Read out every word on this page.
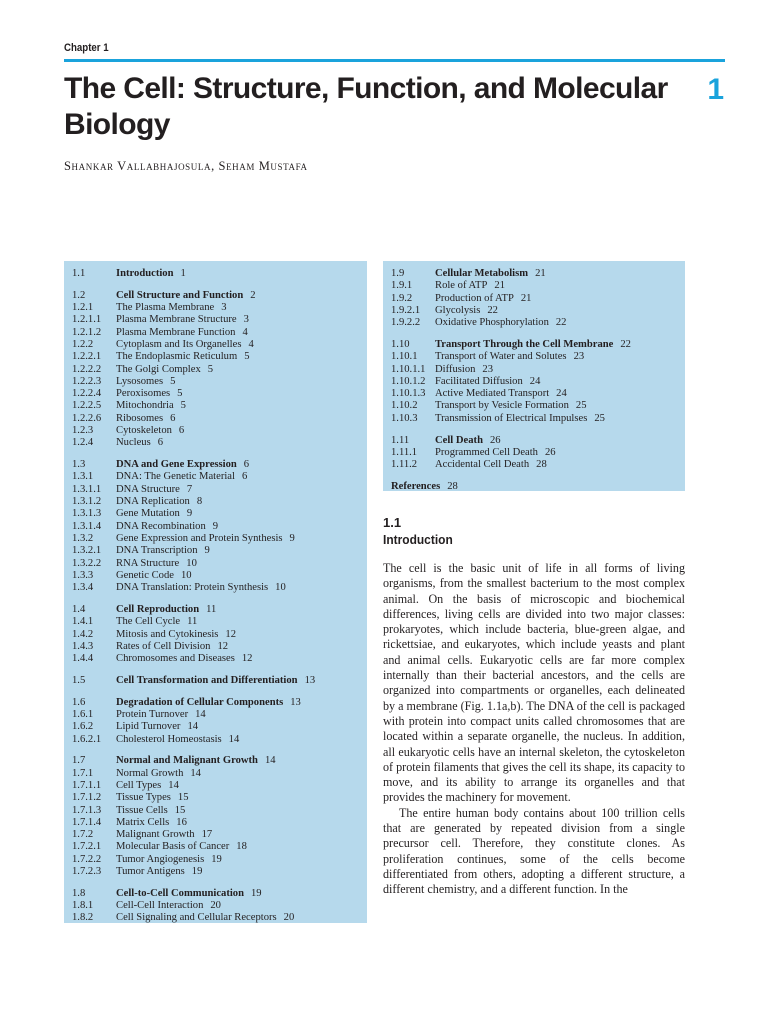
Chapter 1
The Cell: Structure, Function, and Molecular Biology
1
Shankar Vallabhajosula, Seham Mustafa
1.1	Introduction 1
1.2	Cell Structure and Function 2
1.2.1	The Plasma Membrane 3
1.2.1.1	Plasma Membrane Structure 3
1.2.1.2	Plasma Membrane Function 4
1.2.2	Cytoplasm and Its Organelles 4
1.2.2.1	The Endoplasmic Reticulum 5
1.2.2.2	The Golgi Complex 5
1.2.2.3	Lysosomes 5
1.2.2.4	Peroxisomes 5
1.2.2.5	Mitochondria 5
1.2.2.6	Ribosomes 6
1.2.3	Cytoskeleton 6
1.2.4	Nucleus 6
1.3	DNA and Gene Expression 6
1.3.1	DNA: The Genetic Material 6
1.3.1.1	DNA Structure 7
1.3.1.2	DNA Replication 8
1.3.1.3	Gene Mutation 9
1.3.1.4	DNA Recombination 9
1.3.2	Gene Expression and Protein Synthesis 9
1.3.2.1	DNA Transcription 9
1.3.2.2	RNA Structure 10
1.3.3	Genetic Code 10
1.3.4	DNA Translation: Protein Synthesis 10
1.4	Cell Reproduction 11
1.4.1	The Cell Cycle 11
1.4.2	Mitosis and Cytokinesis 12
1.4.3	Rates of Cell Division 12
1.4.4	Chromosomes and Diseases 12
1.5	Cell Transformation and Differentiation 13
1.6	Degradation of Cellular Components 13
1.6.1	Protein Turnover 14
1.6.2	Lipid Turnover 14
1.6.2.1	Cholesterol Homeostasis 14
1.7	Normal and Malignant Growth 14
1.7.1	Normal Growth 14
1.7.1.1	Cell Types 14
1.7.1.2	Tissue Types 15
1.7.1.3	Tissue Cells 15
1.7.1.4	Matrix Cells 16
1.7.2	Malignant Growth 17
1.7.2.1	Molecular Basis of Cancer 18
1.7.2.2	Tumor Angiogenesis 19
1.7.2.3	Tumor Antigens 19
1.8	Cell-to-Cell Communication 19
1.8.1	Cell-Cell Interaction 20
1.8.2	Cell Signaling and Cellular Receptors 20
1.9	Cellular Metabolism 21
1.9.1	Role of ATP 21
1.9.2	Production of ATP 21
1.9.2.1	Glycolysis 22
1.9.2.2	Oxidative Phosphorylation 22
1.10	Transport Through the Cell Membrane 22
1.10.1	Transport of Water and Solutes 23
1.10.1.1 Diffusion 23
1.10.1.2 Facilitated Diffusion 24
1.10.1.3 Active Mediated Transport 24
1.10.2	Transport by Vesicle Formation 25
1.10.3	Transmission of Electrical Impulses 25
1.11	Cell Death 26
1.11.1	Programmed Cell Death 26
1.11.2	Accidental Cell Death 28
References 28
1.1
Introduction

The cell is the basic unit of life in all forms of living organisms, from the smallest bacterium to the most complex animal. On the basis of microscopic and biochemical differences, living cells are divided into two major classes: prokaryotes, which include bacteria, blue-green algae, and rickettsiae, and eukaryotes, which include yeasts and plant and animal cells. Eukaryotic cells are far more complex internally than their bacterial ancestors, and the cells are organized into compartments or organelles, each delineated by a membrane (Fig. 1.1a,b). The DNA of the cell is packaged with protein into compact units called chromosomes that are located within a separate organelle, the nucleus. In addition, all eukaryotic cells have an internal skeleton, the cytoskeleton of protein filaments that gives the cell its shape, its capacity to move, and its ability to arrange its organelles and that provides the machinery for movement.

The entire human body contains about 100 trillion cells that are generated by repeated division from a single precursor cell. Therefore, they constitute clones. As proliferation continues, some of the cells become differentiated from others, adopting a different structure, a different chemistry, and a different function. In the
